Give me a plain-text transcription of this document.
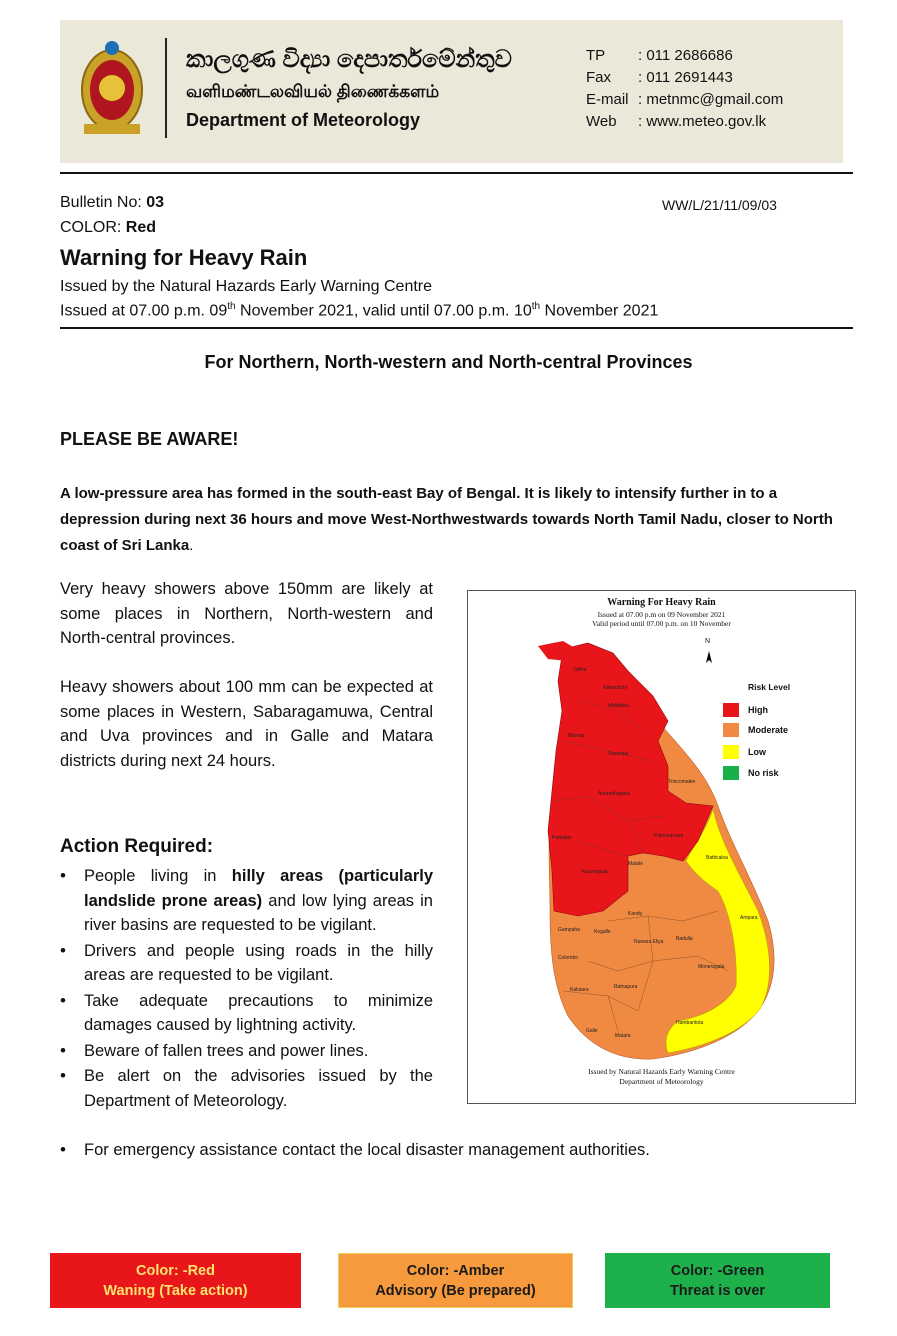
කාලගුණ විද්‍යා දෙපාර්තමේන්තුව
வளிமண்டலவியல் திணைக்களம்
Department of Meteorology
TP : 011 2686686
Fax : 011 2691443
E-mail : metnmc@gmail.com
Web : www.meteo.gov.lk
Bulletin No: 03	WW/L/21/11/09/03
COLOR: Red
Warning for Heavy Rain
Issued by the Natural Hazards Early Warning Centre
Issued at 07.00 p.m. 09th November 2021, valid until 07.00 p.m. 10th November 2021
For Northern, North-western and North-central Provinces
PLEASE BE AWARE!
A low-pressure area has formed in the south-east Bay of Bengal. It is likely to intensify further in to a depression during next 36 hours and move West-Northwestwards towards North Tamil Nadu, closer to North coast of Sri Lanka.
Very heavy showers above 150mm are likely at some places in Northern, North-western and North-central provinces.
Heavy showers about 100 mm can be expected at some places in Western, Sabaragamuwa, Central and Uva provinces and in Galle and Matara districts during next 24 hours.
Action Required:
• People living in hilly areas (particularly landslide prone areas) and low lying areas in river basins are requested to be vigilant.
• Drivers and people using roads in the hilly areas are requested to be vigilant.
• Take adequate precautions to minimize damages caused by lightning activity.
• Beware of fallen trees and power lines.
• Be alert on the advisories issued by the Department of Meteorology.
• For emergency assistance contact the local disaster management authorities.
Warning For Heavy Rain
Issued at 07.00 p.m on 09 November 2021
Valid period until 07.00 p.m. on 10 November
N
Jaffna
Kilinochchi
Mullaitivu
Mannar
Vavuniya
Trincomalee
Anuradhapura
Puttalam	Polonnaruwa
Batticaloa
Kurunegala
Matale
Ampara
Kandy
Gampaha	Kegalle
Nuwara Eliya	Badulla
Colombo
Moneragala
Kalutara	Ratnapura
Hambantota
Galle
Matara
Risk Level
High
Moderate
Low
No risk
Issued by Natural Hazards Early Warning Centre
Department of Meteorology
Color: -Red
Waning (Take action)
Color: -Amber
Advisory (Be prepared)
Color: -Green
Threat is over
